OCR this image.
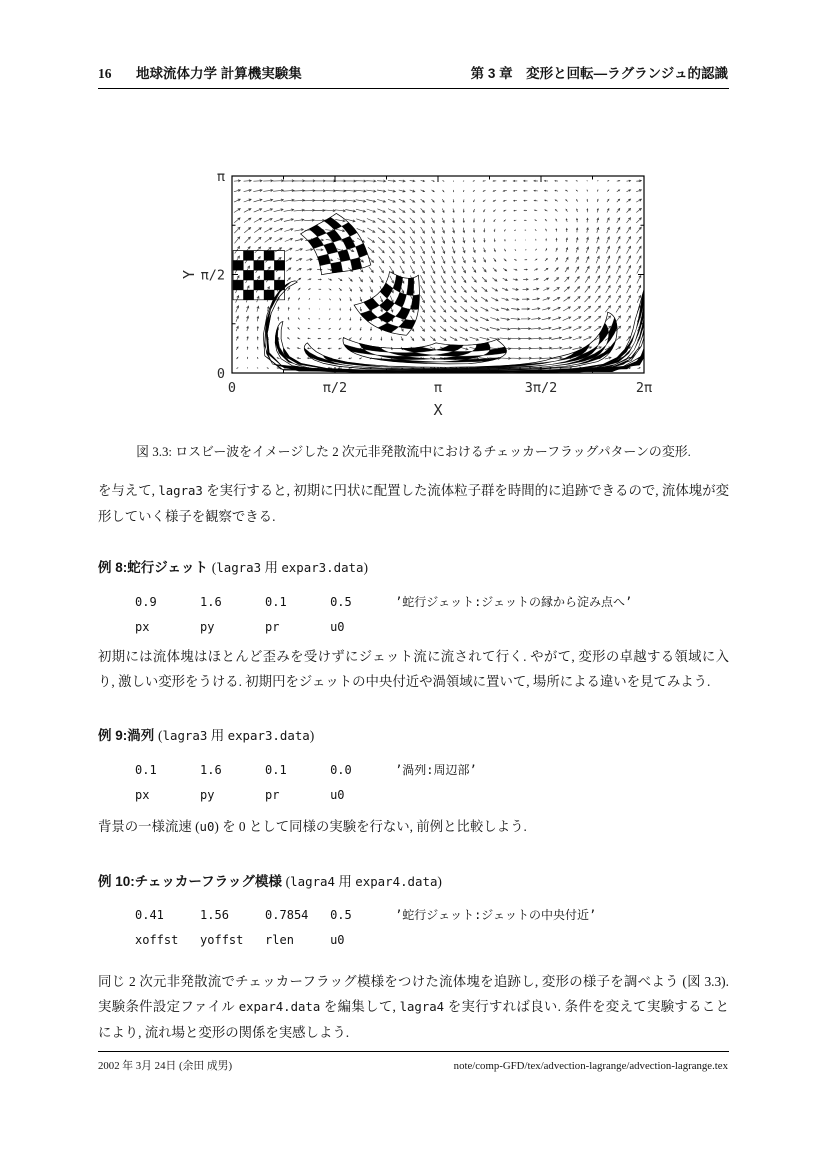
16 地球流体力学 計算機実験集	第 3 章　変形と回転—ラグランジュ的認識
0	π/2	π	3π/2	2π
0
π/2
π
X
Y
図 3.3: ロスビー波をイメージした 2 次元非発散流中におけるチェッカーフラッグパターンの変形.
を与えて, lagra3 を実行すると, 初期に円状に配置した流体粒子群を時間的に追跡できるので, 流体塊が変形していく様子を観察できる.
例 8:蛇行ジェット (lagra3 用 expar3.data)
0.9      1.6      0.1      0.5      ’蛇行ジェット:ジェットの縁から淀み点へ’
px       py       pr       u0
初期には流体塊はほとんど歪みを受けずにジェット流に流されて行く. やがて, 変形の卓越する領域に入り, 激しい変形をうける. 初期円をジェットの中央付近や渦領域に置いて, 場所による違いを見てみよう.
例 9:渦列 (lagra3 用 expar3.data)
0.1      1.6      0.1      0.0      ’渦列:周辺部’
px       py       pr       u0
背景の一様流速 (u0) を 0 として同様の実験を行ない, 前例と比較しよう.
例 10:チェッカーフラッグ模様 (lagra4 用 expar4.data)
0.41     1.56     0.7854   0.5      ’蛇行ジェット:ジェットの中央付近’
xoffst   yoffst   rlen     u0
同じ 2 次元非発散流でチェッカーフラッグ模様をつけた流体塊を追跡し, 変形の様子を調べよう (図 3.3). 実験条件設定ファイル expar4.data を編集して, lagra4 を実行すれば良い. 条件を変えて実験することにより, 流れ場と変形の関係を実感しよう.
2002 年 3月 24日 (余田 成男)	note/comp-GFD/tex/advection-lagrange/advection-lagrange.tex
